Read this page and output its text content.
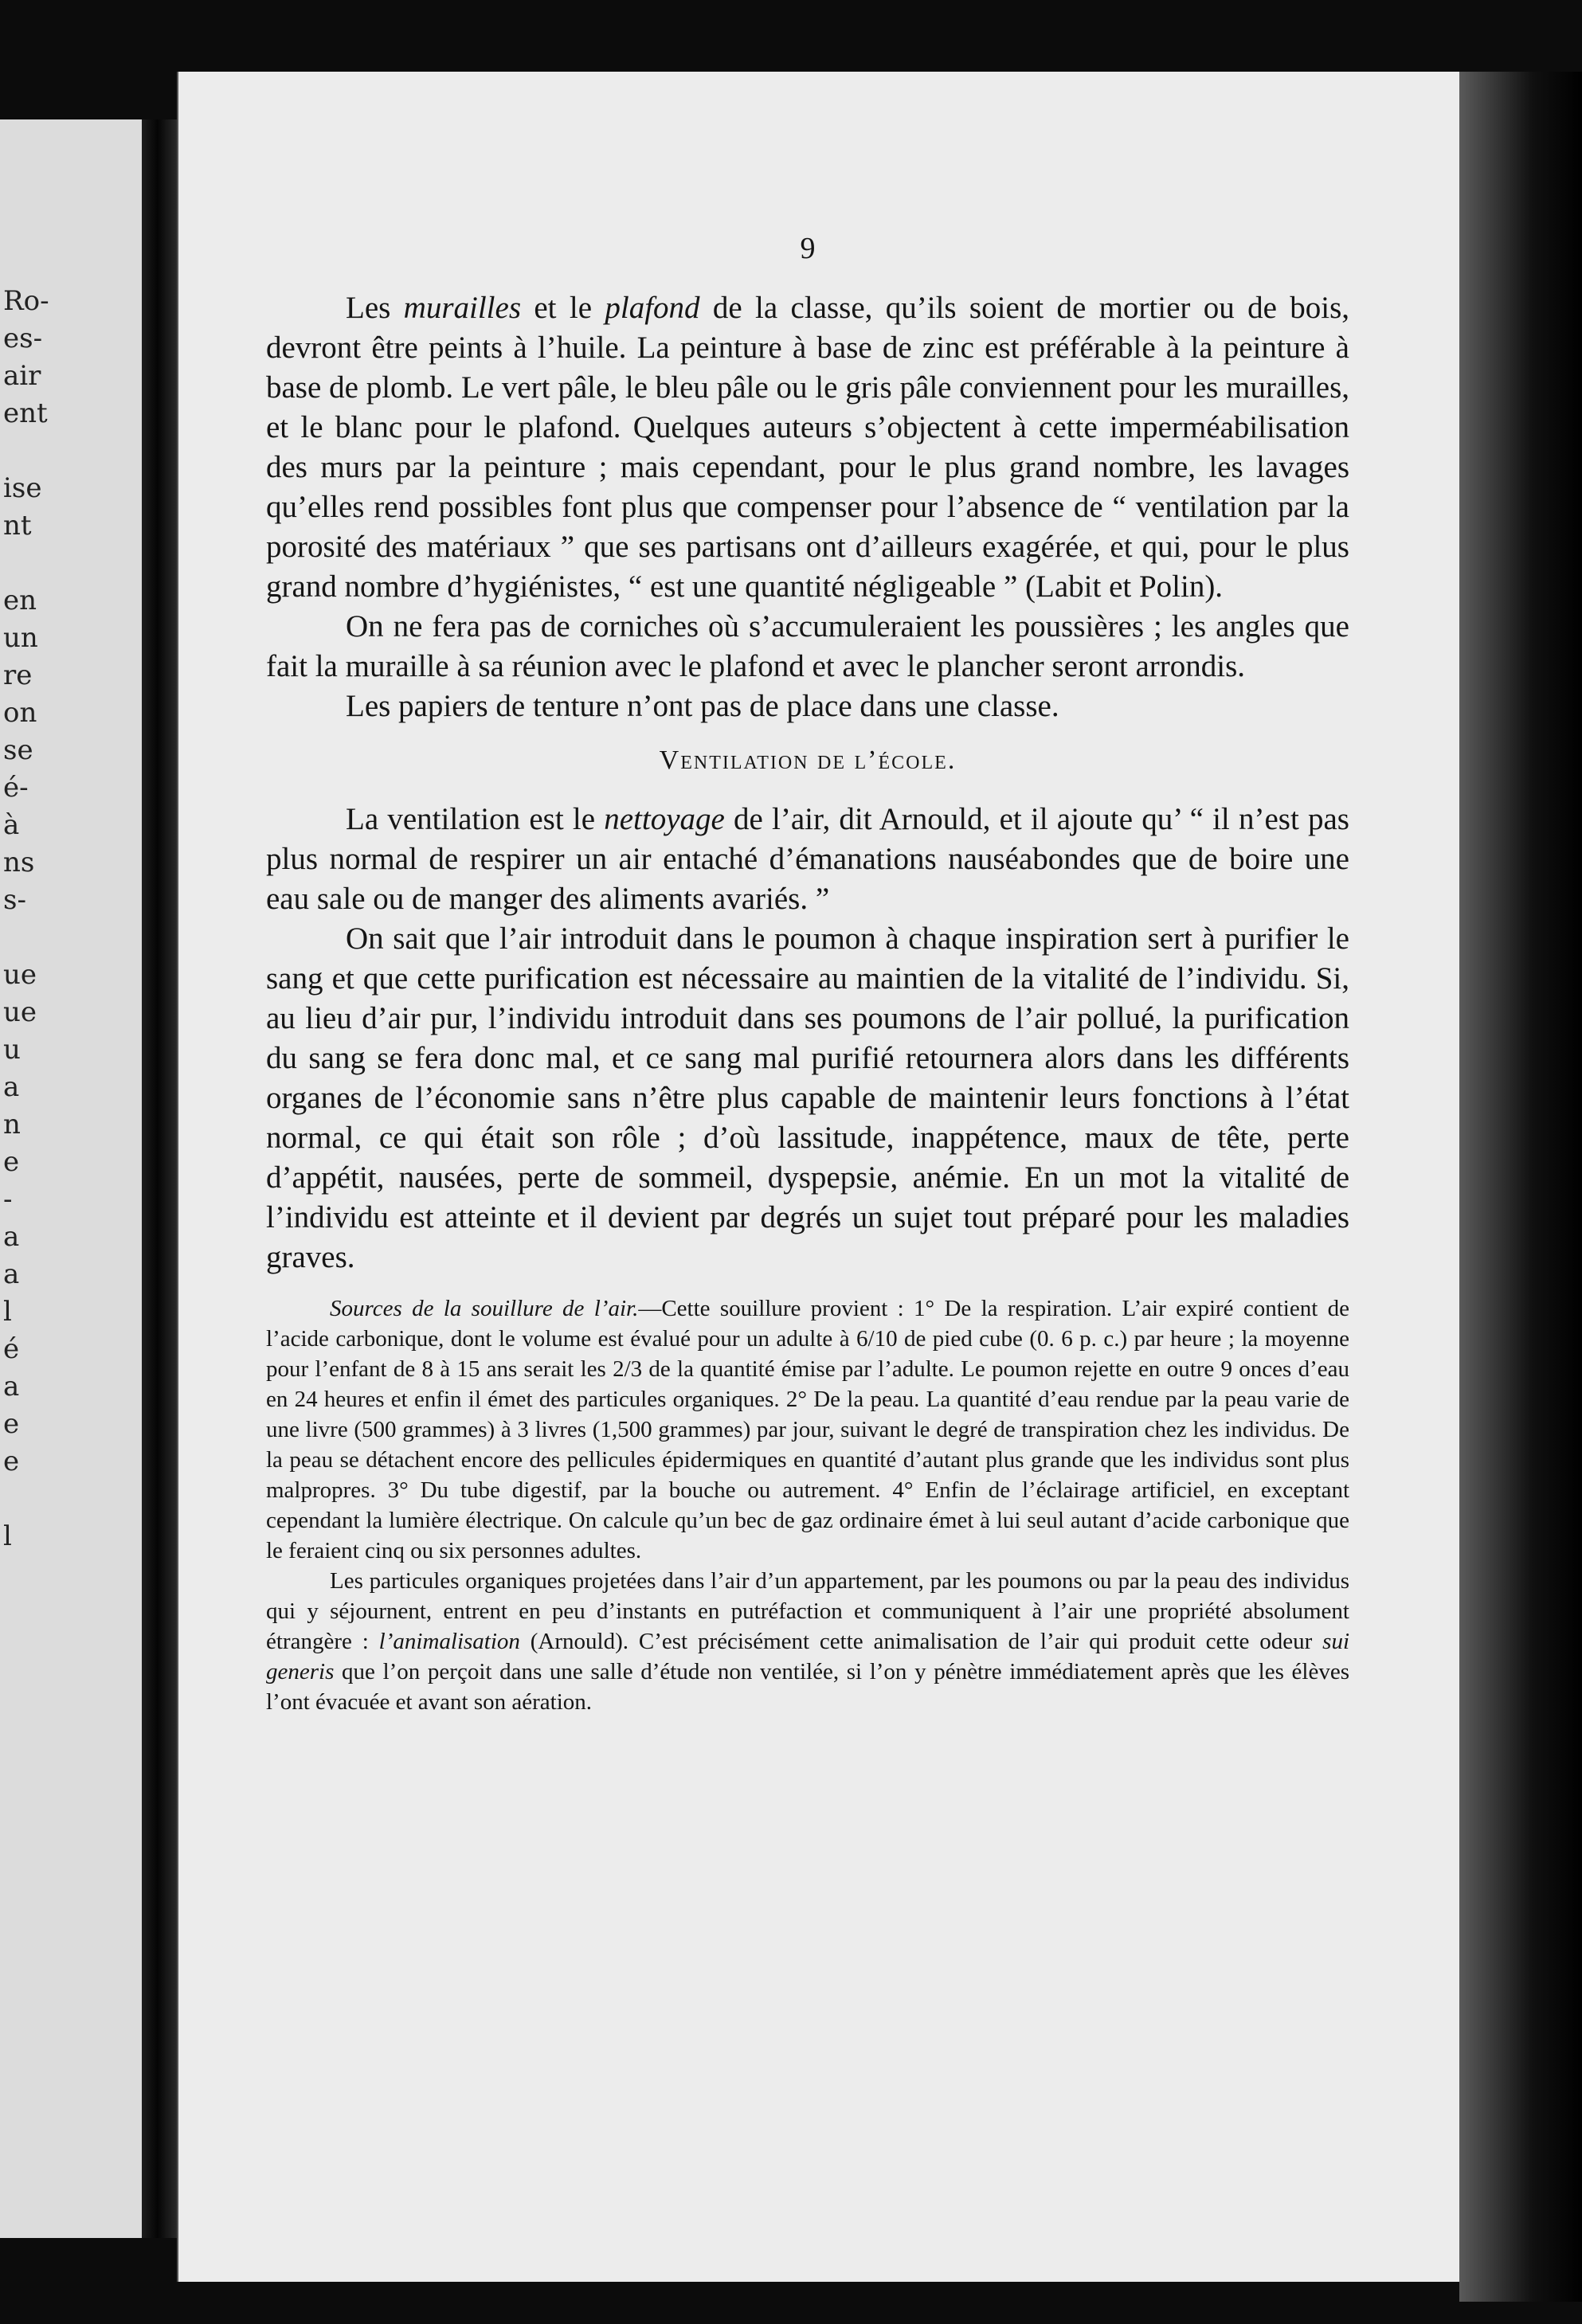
Ro-
es-
air
ent

ise
nt

en
un
re
on
se
é-
à
ns
s-

ue
ue
u
a
n
e
-
a
a
l
é
a
e
e

l
9

Les murailles et le plafond de la classe, qu’ils soient de mortier ou de bois, devront être peints à l’huile. La peinture à base de zinc est préférable à la peinture à base de plomb. Le vert pâle, le bleu pâle ou le gris pâle conviennent pour les murailles, et le blanc pour le plafond. Quelques auteurs s’objectent à cette imperméabilisation des murs par la peinture ; mais cependant, pour le plus grand nombre, les lavages qu’elles rend possibles font plus que compenser pour l’absence de “ ventilation par la porosité des matériaux ” que ses partisans ont d’ailleurs exagérée, et qui, pour le plus grand nombre d’hygiénistes, “ est une quantité négligeable ” (Labit et Polin).

On ne fera pas de corniches où s’accumuleraient les poussières ; les angles que fait la muraille à sa réunion avec le plafond et avec le plancher seront arrondis.

Les papiers de tenture n’ont pas de place dans une classe.

Ventilation de l’école.

La ventilation est le nettoyage de l’air, dit Arnould, et il ajoute qu’ “ il n’est pas plus normal de respirer un air entaché d’émanations nauséabondes que de boire une eau sale ou de manger des aliments avariés. ”

On sait que l’air introduit dans le poumon à chaque inspiration sert à purifier le sang et que cette purification est nécessaire au maintien de la vitalité de l’individu. Si, au lieu d’air pur, l’individu introduit dans ses poumons de l’air pollué, la purification du sang se fera donc mal, et ce sang mal purifié retournera alors dans les différents organes de l’économie sans n’être plus capable de maintenir leurs fonctions à l’état normal, ce qui était son rôle ; d’où lassitude, inappétence, maux de tête, perte d’appétit, nausées, perte de sommeil, dyspepsie, anémie. En un mot la vitalité de l’individu est atteinte et il devient par degrés un sujet tout préparé pour les maladies graves.

Sources de la souillure de l’air.—Cette souillure provient : 1° De la respiration. L’air expiré contient de l’acide carbonique, dont le volume est évalué pour un adulte à 6/10 de pied cube (0. 6 p. c.) par heure ; la moyenne pour l’enfant de 8 à 15 ans serait les 2/3 de la quantité émise par l’adulte. Le poumon rejette en outre 9 onces d’eau en 24 heures et enfin il émet des particules organiques. 2° De la peau. La quantité d’eau rendue par la peau varie de une livre (500 grammes) à 3 livres (1,500 grammes) par jour, suivant le degré de transpiration chez les individus. De la peau se détachent encore des pellicules épidermiques en quantité d’autant plus grande que les individus sont plus malpropres. 3° Du tube digestif, par la bouche ou autrement. 4° Enfin de l’éclairage artificiel, en exceptant cependant la lumière électrique. On calcule qu’un bec de gaz ordinaire émet à lui seul autant d’acide carbonique que le feraient cinq ou six personnes adultes.

Les particules organiques projetées dans l’air d’un appartement, par les poumons ou par la peau des individus qui y séjournent, entrent en peu d’instants en putréfaction et communiquent à l’air une propriété absolument étrangère : l’animalisation (Arnould). C’est précisément cette animalisation de l’air qui produit cette odeur sui generis que l’on perçoit dans une salle d’étude non ventilée, si l’on y pénètre immédiatement après que les élèves l’ont évacuée et avant son aération.
